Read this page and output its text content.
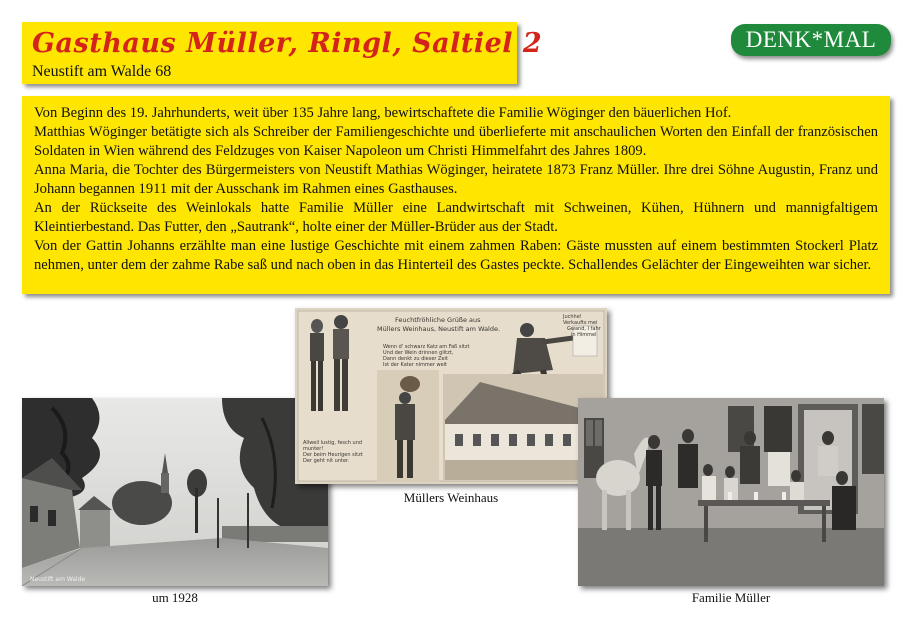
Gasthaus Müller, Ringl, Saltiel 2
Neustift am Walde 68
DENK*MAL

Von Beginn des 19. Jahrhunderts, weit über 135 Jahre lang, bewirtschaftete die Familie Wöginger den bäuerlichen Hof.

Matthias Wöginger betätigte sich als Schreiber der Familiengeschichte und überlieferte mit anschaulichen Worten den Einfall der französischen Soldaten in Wien während des Feldzuges von Kaiser Napoleon um Christi Himmelfahrt des Jahres 1809.

Anna Maria, die Tochter des Bürgermeisters von Neustift Mathias Wöginger, heiratete 1873 Franz Müller. Ihre drei Söhne Augustin, Franz und Johann begannen 1911 mit der Ausschank im Rahmen eines Gasthauses.

An der Rückseite des Weinlokals hatte Familie Müller eine Landwirtschaft mit Schweinen, Kühen, Hühnern und mannigfaltigem Kleintierbestand. Das Futter, den „Sautrank“, holte einer der Müller-Brüder aus der Stadt.

Von der Gattin Johanns erzählte man eine lustige Geschichte mit einem zahmen Raben: Gäste mussten auf einem bestimmten Stockerl Platz nehmen, unter dem der zahme Rabe saß und nach oben in das Hinterteil des Gastes peckte. Schallendes Gelächter der Eingeweihten war sicher.

Neustift am Walde
um 1928
Feuchtfröhliche Grüße aus
Müllers Weinhaus, Neustift am Walde.
Wenn d' schwarz Katz am Faß sitzt
Und der Wein drinnen glitzt,
Dann denkt zu dieser Zeit
Ist der Kater nimmer weit
Juchhe!
Verkaufts mei
Gwand, I fahr
in Himmel
Allweil lustig, fesch und
munter!
Der beim Heurigen sitzt
Der geht nit unter.
Müllers Weinhaus
Familie Müller
